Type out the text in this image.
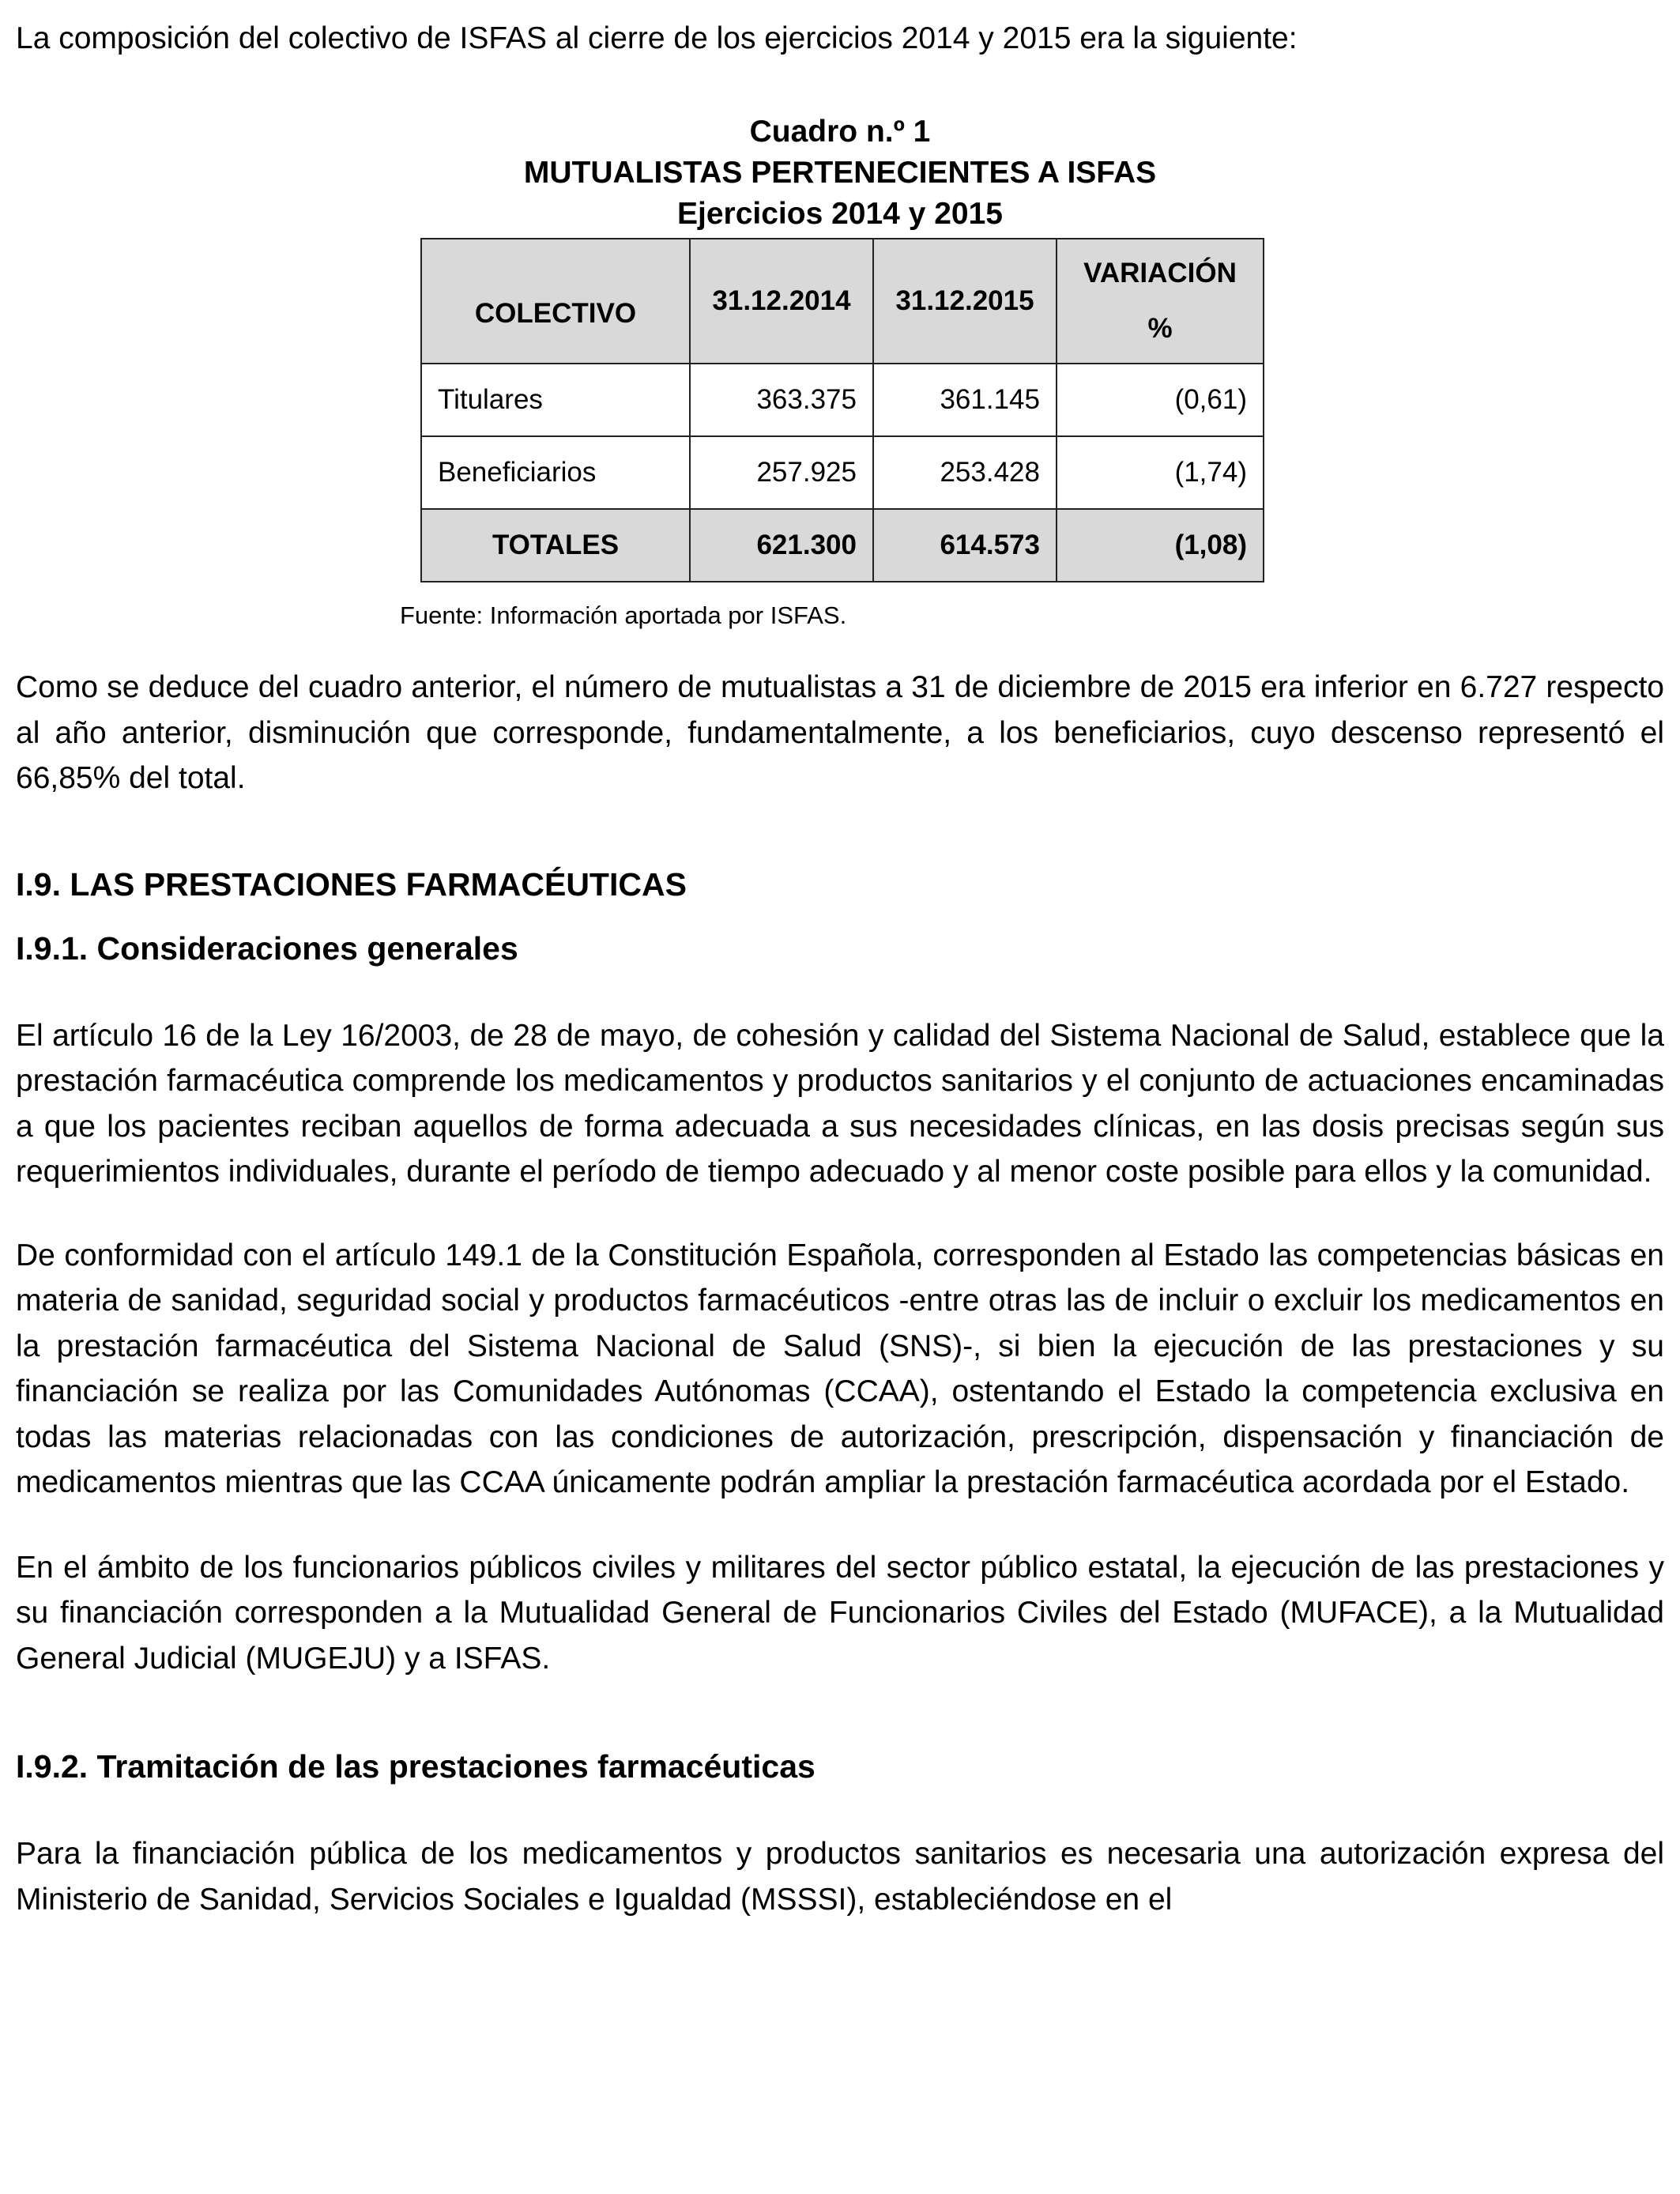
La composición del colectivo de ISFAS al cierre de los ejercicios 2014 y 2015 era la siguiente:

Cuadro n.º 1
MUTUALISTAS PERTENECIENTES A ISFAS
Ejercicios 2014 y 2015
COLECTIVO	31.12.2014	31.12.2015	VARIACIÓN
%
Titulares	363.375	361.145	(0,61)
Beneficiarios	257.925	253.428	(1,74)
TOTALES	621.300	614.573	(1,08)
Fuente: Información aportada por ISFAS.

Como se deduce del cuadro anterior, el número de mutualistas a 31 de diciembre de 2015 era inferior en 6.727 respecto al año anterior, disminución que corresponde, fundamentalmente, a los beneficiarios, cuyo descenso representó el 66,85% del total.

I.9. LAS PRESTACIONES FARMACÉUTICAS
I.9.1. Consideraciones generales

El artículo 16 de la Ley 16/2003, de 28 de mayo, de cohesión y calidad del Sistema Nacional de Salud, establece que la prestación farmacéutica comprende los medicamentos y productos sanitarios y el conjunto de actuaciones encaminadas a que los pacientes reciban aquellos de forma adecuada a sus necesidades clínicas, en las dosis precisas según sus requerimientos individuales, durante el período de tiempo adecuado y al menor coste posible para ellos y la comunidad.

De conformidad con el artículo 149.1 de la Constitución Española, corresponden al Estado las competencias básicas en materia de sanidad, seguridad social y productos farmacéuticos -entre otras las de incluir o excluir los medicamentos en la prestación farmacéutica del Sistema Nacional de Salud (SNS)-, si bien la ejecución de las prestaciones y su financiación se realiza por las Comunidades Autónomas (CCAA), ostentando el Estado la competencia exclusiva en todas las materias relacionadas con las condiciones de autorización, prescripción, dispensación y financiación de medicamentos mientras que las CCAA únicamente podrán ampliar la prestación farmacéutica acordada por el Estado.

En el ámbito de los funcionarios públicos civiles y militares del sector público estatal, la ejecución de las prestaciones y su financiación corresponden a la Mutualidad General de Funcionarios Civiles del Estado (MUFACE), a la Mutualidad General Judicial (MUGEJU) y a ISFAS.

I.9.2. Tramitación de las prestaciones farmacéuticas

Para la financiación pública de los medicamentos y productos sanitarios es necesaria una autorización expresa del Ministerio de Sanidad, Servicios Sociales e Igualdad (MSSSI), estableciéndose en el
